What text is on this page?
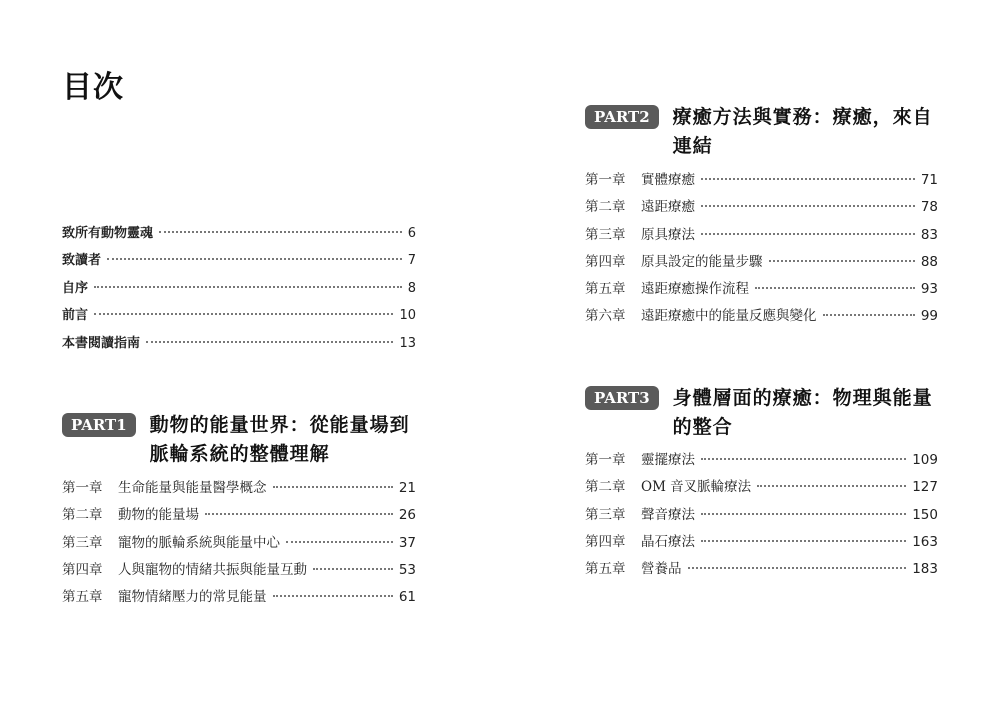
目次
致所有動物靈魂	6
致讀者	7
自序	8
前言	10
本書閱讀指南	13
PART1	動物的能量世界：從能量場到
脈輪系統的整體理解
第一章	生命能量與能量醫學概念	21
第二章	動物的能量場	26
第三章	寵物的脈輪系統與能量中心	37
第四章	人與寵物的情緒共振與能量互動	53
第五章	寵物情緒壓力的常見能量	61
PART2	療癒方法與實務：療癒，來自
連結
第一章	實體療癒	71
第二章	遠距療癒	78
第三章	原具療法	83
第四章	原具設定的能量步驟	88
第五章	遠距療癒操作流程	93
第六章	遠距療癒中的能量反應與變化	99
PART3	身體層面的療癒：物理與能量
的整合
第一章	靈擺療法	109
第二章	OM 音叉脈輪療法	127
第三章	聲音療法	150
第四章	晶石療法	163
第五章	營養品	183
